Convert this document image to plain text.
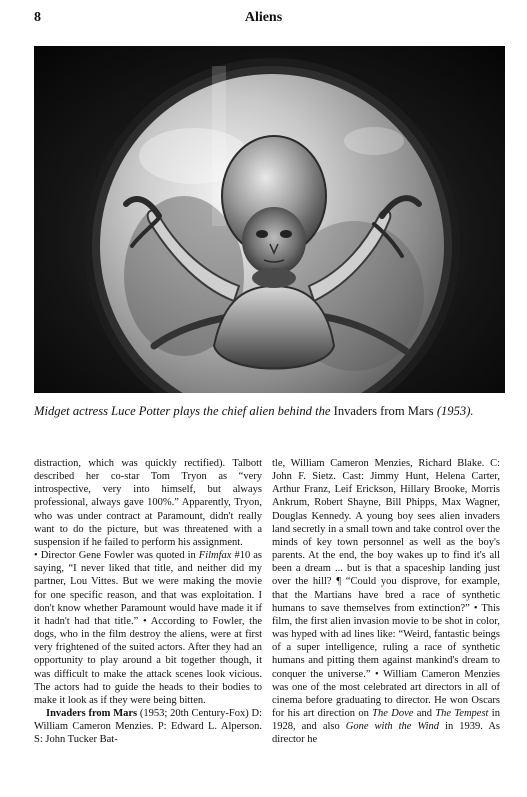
8	Aliens
Midget actress Luce Potter plays the chief alien behind the Invaders from Mars (1953).

distraction, which was quickly rectified). Talbott described her co-star Tom Tryon as “very introspective, very into himself, but always professional, always gave 100%.” Apparently, Tryon, who was under contract at Paramount, didn't really want to do the picture, but was threatened with a suspension if he failed to perform his assignment.

• Director Gene Fowler was quoted in Filmfax #10 as saying, “I never liked that title, and neither did my partner, Lou Vittes. But we were making the movie for one specific reason, and that was exploitation. I don't know whether Paramount would have made it if it hadn't had that title.” • According to Fowler, the dogs, who in the film destroy the aliens, were at first very frightened of the suited actors. After they had an opportunity to play around a bit together though, it was difficult to make the attack scenes look vicious. The actors had to guide the heads to their bodies to make it look as if they were being bitten.

Invaders from Mars (1953; 20th Century-Fox) D: William Cameron Menzies. P: Edward L. Alperson. S: John Tucker Bat-

tle, William Cameron Menzies, Richard Blake. C: John F. Sietz. Cast: Jimmy Hunt, Helena Carter, Arthur Franz, Leif Erickson, Hillary Brooke, Morris Ankrum, Robert Shayne, Bill Phipps, Max Wagner, Douglas Kennedy. A young boy sees alien invaders land secretly in a small town and take control over the minds of key town personnel as well as the boy's parents. At the end, the boy wakes up to find it's all been a dream ... but is that a spaceship landing just over the hill? ¶ “Could you disprove, for example, that the Martians have bred a race of synthetic humans to save themselves from extinction?” • This film, the first alien invasion movie to be shot in color, was hyped with ad lines like: “Weird, fantastic beings of a super intelligence, ruling a race of synthetic humans and pitting them against mankind's dream to conquer the universe.” • William Cameron Menzies was one of the most celebrated art directors in all of cinema before graduating to director. He won Oscars for his art direction on The Dove and The Tempest in 1928, and also Gone with the Wind in 1939. As director he
